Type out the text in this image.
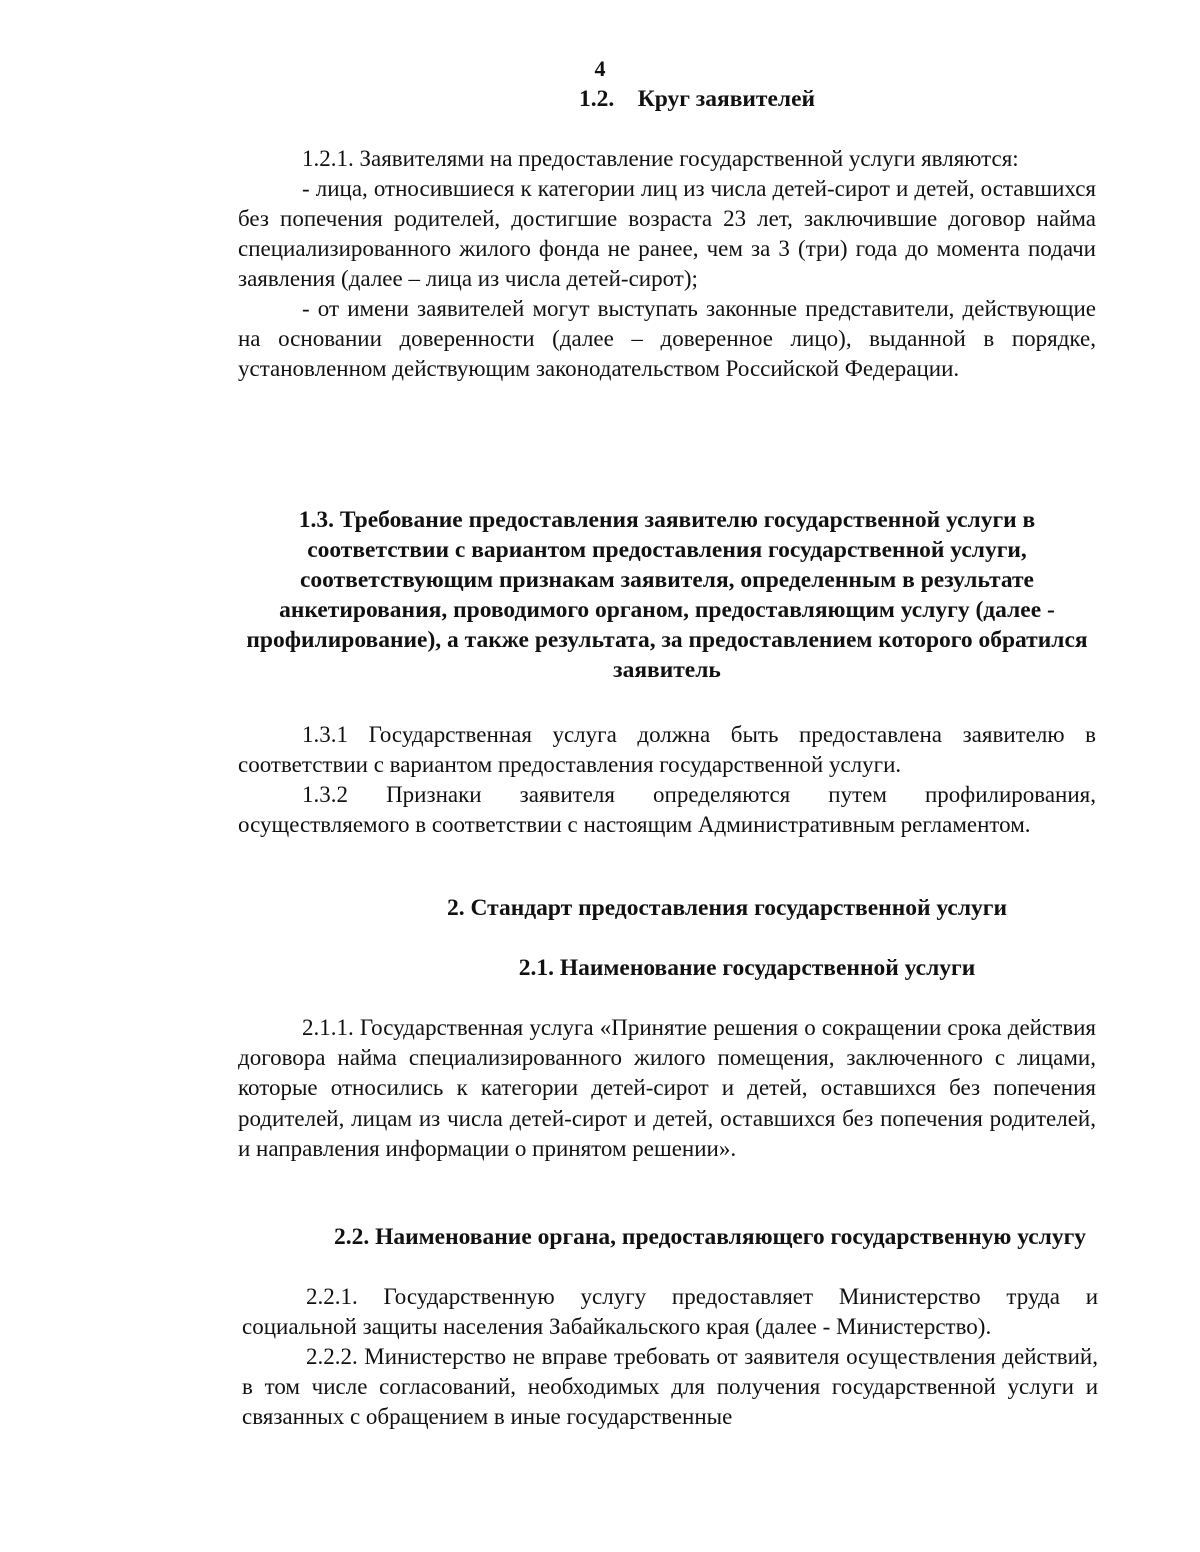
4
1.2.    Круг заявителей

1.2.1. Заявителями на предоставление государственной услуги являются:

- лица, относившиеся к категории лиц из числа детей-сирот и детей, оставшихся без попечения родителей, достигшие возраста 23 лет, заключившие договор найма специализированного жилого фонда не ранее, чем за 3 (три) года до момента подачи заявления (далее – лица из числа детей-сирот);

- от имени заявителей могут выступать законные представители, действующие на основании доверенности (далее – доверенное лицо), выданной в порядке, установленном действующим законодательством Российской Федерации.

1.3. Требование предоставления заявителю государственной услуги в соответствии с вариантом предоставления государственной услуги, соответствующим признакам заявителя, определенным в результате анкетирования, проводимого органом, предоставляющим услугу (далее - профилирование), а также результата, за предоставлением которого обратился заявитель

1.3.1 Государственная услуга должна быть предоставлена заявителю в соответствии с вариантом предоставления государственной услуги.

1.3.2 Признаки заявителя определяются путем профилирования, осуществляемого в соответствии с настоящим Административным регламентом.

2. Стандарт предоставления государственной услуги
2.1. Наименование государственной услуги

2.1.1. Государственная услуга «Принятие решения о сокращении срока действия договора найма специализированного жилого помещения, заключенного с лицами, которые относились к категории детей-сирот и детей, оставшихся без попечения родителей, лицам из числа детей-сирот и детей, оставшихся без попечения родителей, и направления информации о принятом решении».

2.2. Наименование органа, предоставляющего государственную услугу

2.2.1. Государственную услугу предоставляет Министерство труда и социальной защиты населения Забайкальского края (далее - Министерство).

2.2.2. Министерство не вправе требовать от заявителя осуществления действий, в том числе согласований, необходимых для получения государственной услуги и связанных с обращением в иные государственные
